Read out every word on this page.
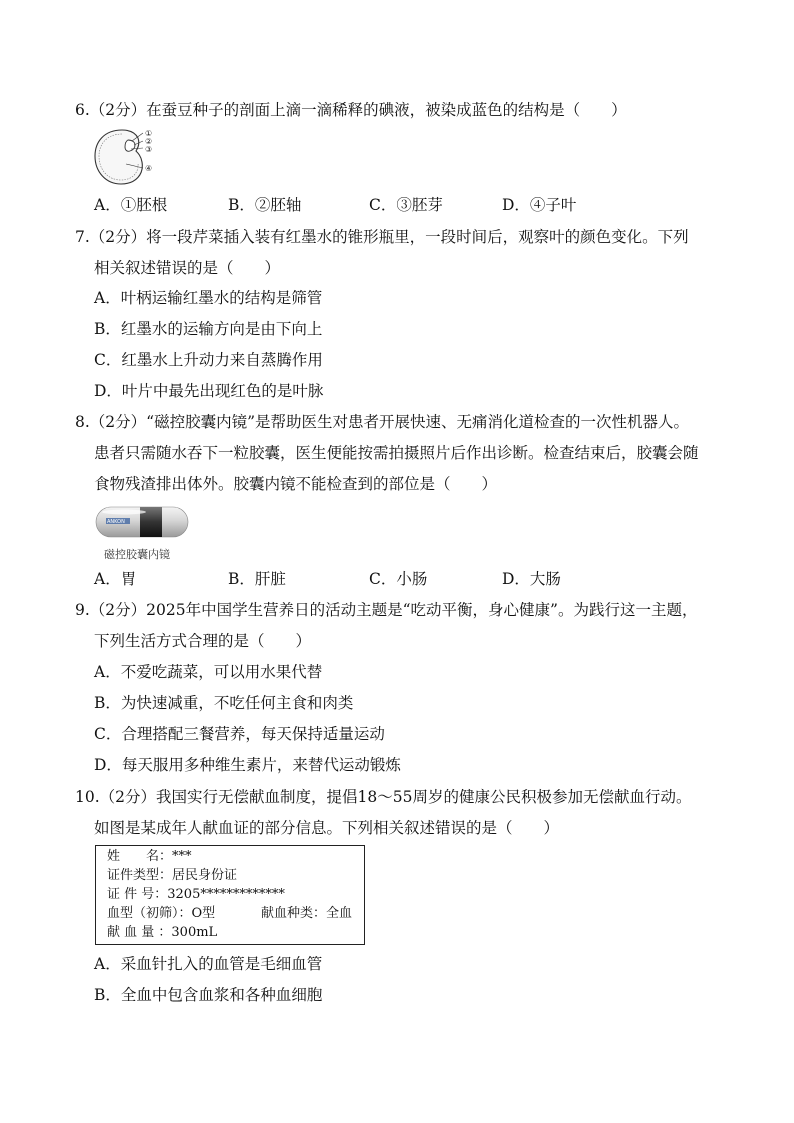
6.（2分）在蚕豆种子的剖面上滴一滴稀释的碘液，被染成蓝色的结构是（　　）
①
②
③
④
A．①胚根	B．②胚轴	C．③胚芽	D．④子叶
7.（2分）将一段芹菜插入装有红墨水的锥形瓶里，一段时间后，观察叶的颜色变化。下列
相关叙述错误的是（　　）
A．叶柄运输红墨水的结构是筛管
B．红墨水的运输方向是由下向上
C．红墨水上升动力来自蒸腾作用
D．叶片中最先出现红色的是叶脉
8.（2分）“磁控胶囊内镜”是帮助医生对患者开展快速、无痛消化道检查的一次性机器人。
患者只需随水吞下一粒胶囊，医生便能按需拍摄照片后作出诊断。检查结束后，胶囊会随
食物残渣排出体外。胶囊内镜不能检查到的部位是（　　）
ANKON
磁控胶囊内镜
A．胃	B．肝脏	C．小肠	D．大肠
9.（2分）2025年中国学生营养日的活动主题是“吃动平衡，身心健康”。为践行这一主题，
下列生活方式合理的是（　　）
A．不爱吃蔬菜，可以用水果代替
B．为快速减重，不吃任何主食和肉类
C．合理搭配三餐营养，每天保持适量运动
D．每天服用多种维生素片，来替代运动锻炼
10.（2分）我国实行无偿献血制度，提倡18～55周岁的健康公民积极参加无偿献血行动。
如图是某成年人献血证的部分信息。下列相关叙述错误的是（　　）
姓　　名：***
证件类型：居民身份证
证 件 号：3205*************
血型（初筛）：O型	献血种类：全血
献 血 量 ：300mL
A．采血针扎入的血管是毛细血管
B．全血中包含血浆和各种血细胞
